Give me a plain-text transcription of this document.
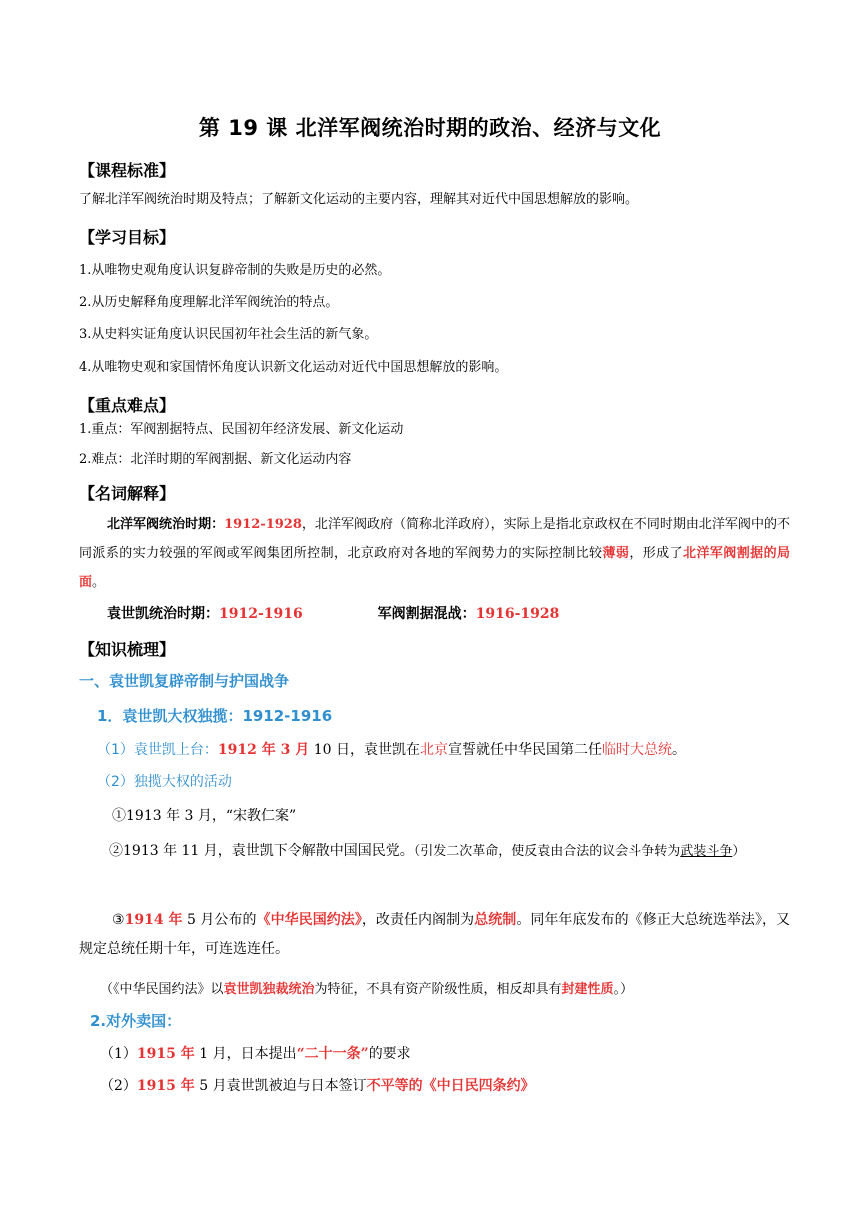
第 19 课 北洋军阀统治时期的政治、经济与文化
【课程标准】
了解北洋军阀统治时期及特点；了解新文化运动的主要内容，理解其对近代中国思想解放的影响。
【学习目标】
1.从唯物史观角度认识复辟帝制的失败是历史的必然。
2.从历史解释角度理解北洋军阀统治的特点。
3.从史料实证角度认识民国初年社会生活的新气象。
4.从唯物史观和家国情怀角度认识新文化运动对近代中国思想解放的影响。
【重点难点】
1.重点：军阀割据特点、民国初年经济发展、新文化运动
2.难点：北洋时期的军阀割据、新文化运动内容
【名词解释】
北洋军阀统治时期：1912-1928，北洋军阀政府（简称北洋政府），实际上是指北京政权在不同时期由北洋军阀中的不同派系的实力较强的军阀或军阀集团所控制，北京政府对各地的军阀势力的实际控制比较薄弱，形成了北洋军阀割据的局面。
袁世凯统治时期：1912-1916	军阀割据混战：1916-1928
【知识梳理】
一、袁世凯复辟帝制与护国战争
1．袁世凯大权独揽：1912-1916
（1）袁世凯上台：1912 年 3 月 10 日，袁世凯在北京宣誓就任中华民国第二任临时大总统。
（2）独揽大权的活动
①1913 年 3 月，“宋教仁案”
②1913 年 11 月，袁世凯下令解散中国国民党。（引发二次革命，使反袁由合法的议会斗争转为武装斗争）
③1914 年 5 月公布的《中华民国约法》，改责任内阁制为总统制。同年年底发布的《修正大总统选举法》，又规定总统任期十年，可连选连任。
（《中华民国约法》以袁世凯独裁统治为特征，不具有资产阶级性质，相反却具有封建性质。）
2.对外卖国：
（1）1915 年 1 月，日本提出“二十一条”的要求
（2）1915 年 5 月袁世凯被迫与日本签订不平等的《中日民四条约》
